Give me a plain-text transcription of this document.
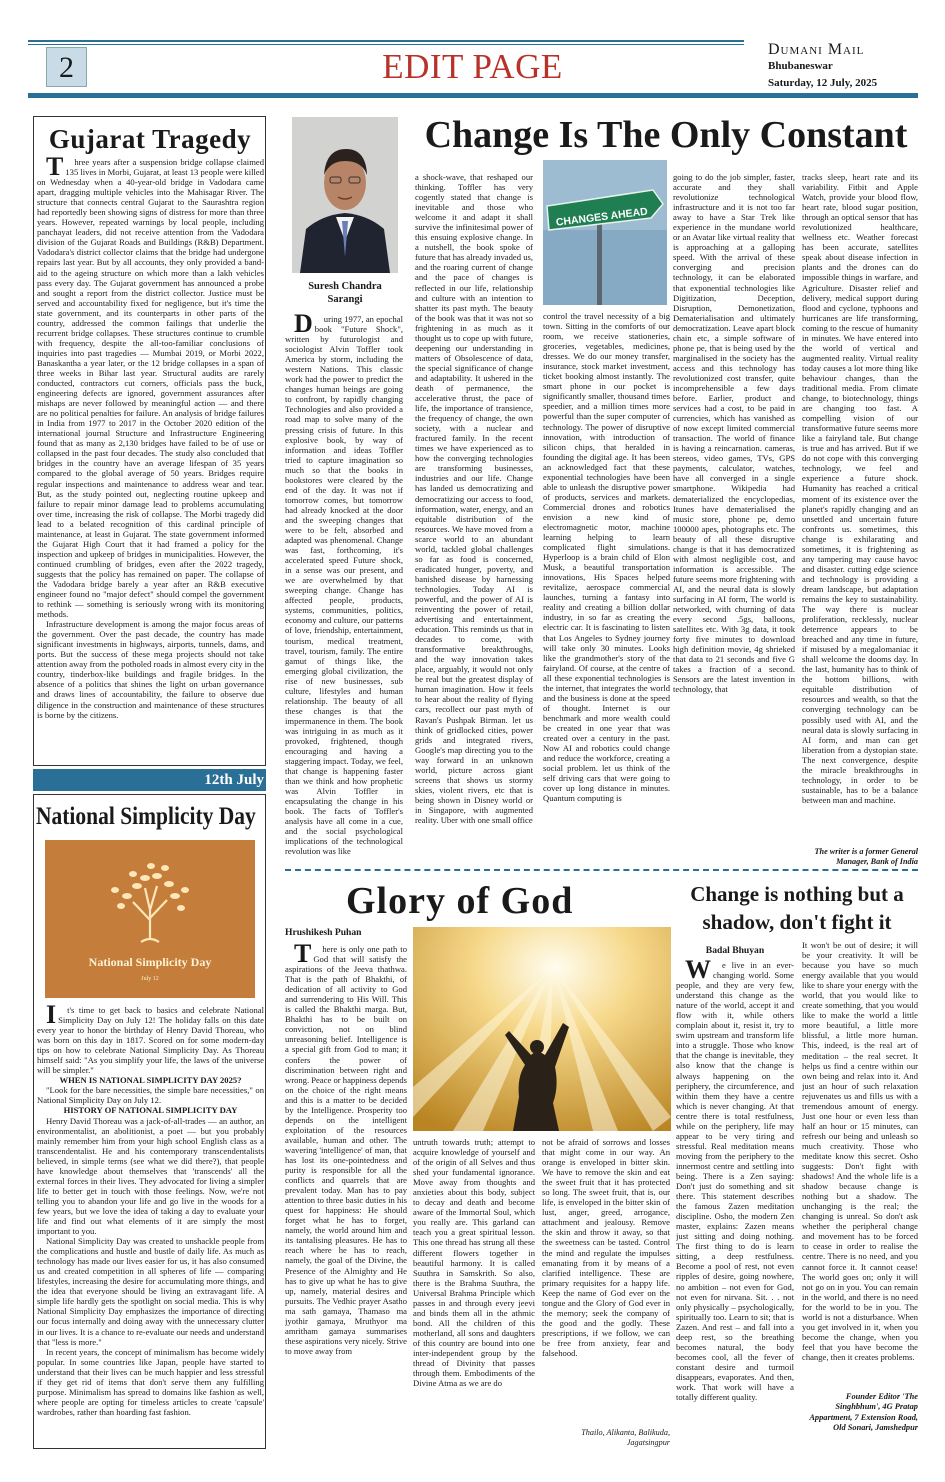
2	EDIT PAGE	Dumani Mail
Bhubaneswar
Saturday, 12 July, 2025
Gujarat Tragedy

Three years after a suspension bridge collapse claimed 135 lives in Morbi, Gujarat, at least 13 people were killed on Wednesday when a 40-year-old bridge in Vadodara came apart, dragging multiple vehicles into the Mahisagar River. The structure that connects central Gujarat to the Saurashtra region had reportedly been showing signs of distress for more than three years. However, repeated warnings by local people, including panchayat leaders, did not receive attention from the Vadodara division of the Gujarat Roads and Buildings (R&B) Department. Vadodara's district collector claims that the bridge had undergone repairs last year. But by all accounts, they only provided a band-aid to the ageing structure on which more than a lakh vehicles pass every day. The Gujarat government has announced a probe and sought a report from the district collector. Justice must be served and accountability fixed for negligence, but it's time the state government, and its counterparts in other parts of the country, addressed the common failings that underlie the recurrent bridge collapses. These structures continue to crumble with frequency, despite the all-too-familiar conclusions of inquiries into past tragedies — Mumbai 2019, or Morbi 2022, Banaskantha a year later, or the 12 bridge collapses in a span of three weeks in Bihar last year. Structural audits are rarely conducted, contractors cut corners, officials pass the buck, engineering defects are ignored, government assurances after mishaps are never followed by meaningful action — and there are no political penalties for failure. An analysis of bridge failures in India from 1977 to 2017 in the October 2020 edition of the international journal Structure and Infrastructure Engineering found that as many as 2,130 bridges have failed to be of use or collapsed in the past four decades. The study also concluded that bridges in the country have an average lifespan of 35 years compared to the global average of 50 years. Bridges require regular inspections and maintenance to address wear and tear. But, as the study pointed out, neglecting routine upkeep and failure to repair minor damage lead to problems accumulating over time, increasing the risk of collapse. The Morbi tragedy did lead to a belated recognition of this cardinal principle of maintenance, at least in Gujarat. The state government informed the Gujarat High Court that it had framed a policy for the inspection and upkeep of bridges in municipalities. However, the continued crumbling of bridges, even after the 2022 tragedy, suggests that the policy has remained on paper. The collapse of the Vadodara bridge barely a year after an R&B executive engineer found no "major defect" should compel the government to rethink — something is seriously wrong with its monitoring methods.

Infrastructure development is among the major focus areas of the government. Over the past decade, the country has made significant investments in highways, airports, tunnels, dams, and ports. But the success of these mega projects should not take attention away from the potholed roads in almost every city in the country, tinderbox-like buildings and fragile bridges. In the absence of a politics that shines the light on urban governance and draws lines of accountability, the failure to observe due diligence in the construction and maintenance of these structures is borne by the citizens.

12th July
National Simplicity Day
National Simplicity Day
July 12

It's time to get back to basics and celebrate National Simplicity Day on July 12! The holiday falls on this date every year to honor the birthday of Henry David Thoreau, who was born on this day in 1817. Scored on for some modern-day tips on how to celebrate National Simplicity Day. As Thoreau himself said: "As you simplify your life, the laws of the universe will be simpler."

WHEN IS NATIONAL SIMPLICITY DAY 2025?

"Look for the bare necessities, the simple bare necessities," on National Simplicity Day on July 12.

HISTORY OF NATIONAL SIMPLICITY DAY

Henry David Thoreau was a jack-of-all-trades — an author, an environmentalist, an abolitionist, a poet — but you probably mainly remember him from your high school English class as a transcendentalist. He and his contemporary transcendentalists believed, in simple terms (see what we did there?), that people have knowledge about themselves that 'transcends' all the external forces in their lives. They advocated for living a simpler life to better get in touch with those feelings. Now, we're not telling you to abandon your life and go live in the woods for a few years, but we love the idea of taking a day to evaluate your life and find out what elements of it are simply the most important to you.

National Simplicity Day was created to unshackle people from the complications and hustle and bustle of daily life. As much as technology has made our lives easier for us, it has also consumed us and created competition in all spheres of life — comparing lifestyles, increasing the desire for accumulating more things, and the idea that everyone should be living an extravagant life. A simple life hardly gets the spotlight on social media. This is why National Simplicity Day emphasizes the importance of directing our focus internally and doing away with the unnecessary clutter in our lives. It is a chance to re-evaluate our needs and understand that "less is more."

In recent years, the concept of minimalism has become widely popular. In some countries like Japan, people have started to understand that their lives can be much happier and less stressful if they get rid of items that don't serve them any fulfilling purpose. Minimalism has spread to domains like fashion as well, where people are opting for timeless articles to create 'capsule' wardrobes, rather than hoarding fast fashion.

Change Is The Only Constant
Suresh Chandra Sarangi
CHANGES AHEAD

During 1977, an epochal book "Future Shock", written by futurologist and sociologist Alvin Toffler took America by storm, including the western Nations. This classic work had the power to predict the changes human beings are going to confront, by rapidly changing Technologies and also provided a road map to solve many of the pressing crisis of future. In this explosive book, by way of information and ideas Toffler tried to capture imagination so much so that the books in bookstores were cleared by the end of the day. It was not if tomorrow comes, but tomorrow had already knocked at the door and the sweeping changes that were to be felt, absorbed and adapted was phenomenal. Change was fast, forthcoming, it's accelerated speed Future shock, in a sense was our present, and we are overwhelmed by that sweeping change. Change has affected people, products, systems, communities, politics, economy and culture, our patterns of love, friendship, entertainment, tourism, medical treatment, travel, tourism, family. The entire gamut of things like, the emerging global civilization, the rise of new businesses, sub culture, lifestyles and human relationship. The beauty of all these changes is that the impermanence in them. The book was intriguing in as much as it provoked, frightened, though encouraging and having a staggering impact. Today, we feel, that change is happening faster than we think and how prophetic was Alvin Toffler in encapsulating the change in his book. The facts of Toffler's analysis have all come in a cue, and the social psychological implications of the technological revolution was like

a shock-wave, that reshaped our thinking. Toffler has very cogently stated that change is inevitable and those who welcome it and adapt it shall survive the infinitesimal power of this ensuing explosive change. In a nutshell, the book spoke of future that has already invaded us, and the roaring current of change and the pace of changes is reflected in our life, relationship and culture with an intention to shatter its past myth. The beauty of the book was that it was not so frightening in as much as it thought us to cope up with future, deepening our understanding in matters of Obsolescence of data, the special significance of change and adaptability. It ushered in the death of permanence, the accelerative thrust, the pace of life, the importance of transience, the frequency of change, the own society, with a nuclear and fractured family. In the recent times we have experienced as to how the converging technologies are transforming businesses, industries and our life. Change has landed us democratizing and democratizing our access to food, information, water, energy, and an equitable distribution of the resources. We have moved from a scarce world to an abundant world, tackled global challenges so far as food is concerned, eradicated hunger, poverty, and banished disease by harnessing technologies. Today AI is powerful, and the power of AI is reinventing the power of retail, advertising and entertainment, education. This reminds us that in decades to come, with transformative breakthroughs, and the way innovation takes place, arguably, it would not only be real but the greatest display of human imagination. How it feels to hear about the reality of flying cars, recollect our past myth of Ravan's Pushpak Birman. let us think of gridlocked cities, power grids and integrated rivers, Google's map directing you to the way forward in an unknown world, picture across giant screens that shows us stormy skies, violent rivers, etc that is being shown in Disney world or in Singapore, with augmented reality. Uber with one small office

control the travel necessity of a big town. Sitting in the comforts of our room, we receive stationeries, groceries, vegetables, medicines, dresses. We do our money transfer, insurance, stock market investment, ticket booking almost instantly. The smart phone in our pocket is significantly smaller, thousand times speedier, and a million times more powerful than the super computer of technology. The power of disruptive innovation, with introduction of silicon chips, that heralded in founding the digital age. It has been an acknowledged fact that these exponential technologies have been able to unleash the disruptive power of products, services and markets. Commercial drones and robotics envision a new kind of electromagnetic motor, machine learning helping to learn complicated flight simulations. Hyperloop is a brain child of Elon Musk, a beautiful transportation innovations, His Spaces helped revitalize, aerospace commercial launches, turning a fantasy into reality and creating a billion dollar industry, in so far as creating the electric car. It is fascinating to listen that Los Angeles to Sydney journey will take only 30 minutes. Looks like the grandmother's story of the fairyland. Of course, at the centre of all these exponential technologies is the internet, that integrates the world and the business is done at the speed of thought. Internet is our benchmark and more wealth could be created in one year that was created over a century in the past. Now AI and robotics could change and reduce the workforce, creating a social problem. let us think of the self driving cars that were going to cover up long distance in minutes. Quantum computing is

going to do the job simpler, faster, accurate and they shall revolutionize technological infrastructure and it is not too far away to have a Star Trek like experience in the mundane world or an Avatar like virtual reality that is approaching at a galloping speed. With the arrival of these converging and precision technology, it can be elaborated that exponential technologies like Digitization, Deception, Disruption, Demonetization, Dematerialisation and ultimately democratization. Leave apart block chain etc, a simple software of phone pe, that is being used by the marginalised in the society has the access and this technology has revolutionized cost transfer, quite incomprehensible a few days before. Earlier, product and services had a cost, to be paid in currencies, which has vanished as of now except limited commercial transaction. The world of finance is having a reincarnation. cameras, stereos, video games, TVs, GPS payments, calculator, watches, have all converged in a single smartphone. Wikipedia had dematerialized the encyclopedias, Itunes have dematerialised the music store, phone pe, demo 100000 apes, photographs etc. The beauty of all these disruptive change is that it has democratized with almost negligible cost, and information is accessible. The future seems more frightening with AI, and the neural data is slowly surfacing in AI form, The world is networked, with churning of data every second .5gs, balloons, satellites etc. With 3g data, it took forty five minutes to download high definition movie, 4g shrieked that data to 21 seconds and five G takes a fraction of a second. Sensors are the latest invention in technology, that

tracks sleep, heart rate and its variability. Fitbit and Apple Watch, provide your blood flow, heart rate, blood sugar position, through an optical sensor that has revolutionized healthcare, wellness etc. Weather forecast has been accurate, satellites speak about disease infection in plants and the drones can do impossible things in warfare, and Agriculture. Disaster relief and delivery, medical support during flood and cyclone, typhoons and hurricanes are life transforming, coming to the rescue of humanity in minutes. We have entered into the world of vertical and augmented reality. Virtual reality today causes a lot more thing like behaviour changes, than the traditional media. From climate change, to biotechnology, things are changing too fast. A compelling vision of our transformative future seems more like a fairyland tale. But change is true and has arrived. But if we do not cope with this converging technology, we feel and experience a future shock. Humanity has reached a critical moment of its existence over the planet's rapidly changing and an unsettled and uncertain future confronts us. sometimes, this change is exhilarating and sometimes, it is frightening as any tampering may cause havoc and disaster. cutting edge science and technology is providing a dream landscape, but adaptation remains the key to sustainability. The way there is nuclear proliferation, recklessly, nuclear deterrence appears to be breached and any time in future, if misused by a megalomaniac it shall welcome the dooms day. In the last, humanity has to think of the bottom billions, with equitable distribution of resources and wealth, so that the converging technology can be possibly used with AI, and the neural data is slowly surfacing in AI form, and man can get liberation from a dystopian state. The next convergence, despite the miracle breakthroughs in technology, in order to be sustainable, has to be a balance between man and machine.

The writer is a former General Manager, Bank of India
Glory of God
Hrushikesh Puhan

There is only one path to God that will satisfy the aspirations of the Jeeva thathwa. That is the path of Bhakthi, of dedication of all activity to God and surrendering to His Will. This is called the Bhakthi marga. But, Bhakthi has to be built on conviction, not on blind unreasoning belief. Intelligence is a special gift from God to man; it confers the power of discrimination between right and wrong. Peace or happiness depends on the choice of the right means and this is a matter to be decided by the Intelligence. Prosperity too depends on the intelligent exploitation of the resources available, human and other. The wavering 'intelligence' of man, that has lost its one-pointedness and purity is responsible for all the conflicts and quarrels that are prevalent today. Man has to pay attention to three basic duties in his quest for happiness: He should forget what he has to forget, namely, the world around him and its tantalising pleasures. He has to reach where he has to reach, namely, the goal of the Divine, the Presence of the Almighty and He has to give up what he has to give up, namely, material desires and pursuits. The Vedhic prayer Asatho ma sath gamaya, Thamaso ma jyothir gamaya, Mruthyor ma amritham gamaya summarises these aspirations very nicely. Strive to move away from

untruth towards truth; attempt to acquire knowledge of yourself and of the origin of all Selves and thus shed your fundamental ignorance. Move away from thoughts and anxieties about this body, subject to decay and death and become aware of the Immortal Soul, which you really are. This garland can teach you a great spiritual lesson. This one thread has strung all these different flowers together in beautiful harmony. It is called Suuthra in Samskrith. So also, there is the Brahma Suuthra, the Universal Brahma Principle which passes in and through every jeevi and binds them all in the athmic bond. All the children of this motherland, all sons and daughters of this country are bound into one inter-independent group by the thread of Divinity that passes through them. Embodiments of the Divine Atma as we are do

not be afraid of sorrows and losses that might come in our way. An orange is enveloped in bitter skin. We have to remove the skin and eat the sweet fruit that it has protected so long. The sweet fruit, that is, our life, is enveloped in the bitter skin of lust, anger, greed, arrogance, attachment and jealousy. Remove the skin and throw it away, so that the sweetness can be tasted. Control the mind and regulate the impulses emanating from it by means of a clarified intelligence. These are primary requisites for a happy life. Keep the name of God ever on the tongue and the Glory of God ever in the memory; seek the company of the good and the godly. These prescriptions, if we follow, we can be free from anxiety, fear and falsehood.

Thailo, Alikanta, Balikuda, Jagatsingpur
Change is nothing but a shadow, don't fight it
Badal Bhuyan

We live in an ever-changing world. Some people, and they are very few, understand this change as the nature of the world, accept it and flow with it, while others complain about it, resist it, try to swim upstream and transform life into a struggle. Those who know that the change is inevitable, they also know that the change is always happening on the periphery, the circumference, and within them they have a centre which is never changing. At that centre there is total restfulness, while on the periphery, life may appear to be very tiring and stressful. Real meditation means moving from the periphery to the innermost centre and settling into being. There is a Zen saying: Don't just do something and sit there. This statement describes the famous Zazen meditation discipline. Osho, the modern Zen master, explains: Zazen means just sitting and doing nothing. The first thing to do is learn sitting, a deep restfulness. Become a pool of rest, not even ripples of desire, going nowhere, no ambition – not even for God, not even for nirvana. Sit. . . not only physically – psychologically, spiritually too. Learn to sit; that is Zazen. And rest – and fall into a deep rest, so the breathing becomes natural, the body becomes cool, all the fever of constant desire and turmoil disappears, evaporates. And then, work. That work will have a totally different quality.

It won't be out of desire; it will be your creativity. It will be because you have so much energy available that you would like to share your energy with the world, that you would like to create something, that you would like to make the world a little more beautiful, a little more blissful, a little more human. This, indeed, is the real art of meditation – the real secret. It helps us find a centre within our own being and relax into it. And just an hour of such relaxation rejuvenates us and fills us with a tremendous amount of energy. Just one hour or even less than half an hour or 15 minutes, can refresh our being and unleash so much creativity. Those who meditate know this secret. Osho suggests: Don't fight with shadows! And the whole life is a shadow because change is nothing but a shadow. The unchanging is the real; the changing is unreal. So don't ask whether the peripheral change and movement has to be forced to cease in order to realise the centre. There is no need, and you cannot force it. It cannot cease! The world goes on; only it will not go on in you. You can remain in the world, and there is no need for the world to be in you. The world is not a disturbance. When you get involved in it, when you become the change, when you feel that you have become the change, then it creates problems.

Founder Editor 'The Singhbhum', 4G Pratap Appartment, 7 Extension Road, Old Sonari, Jamshedpur
